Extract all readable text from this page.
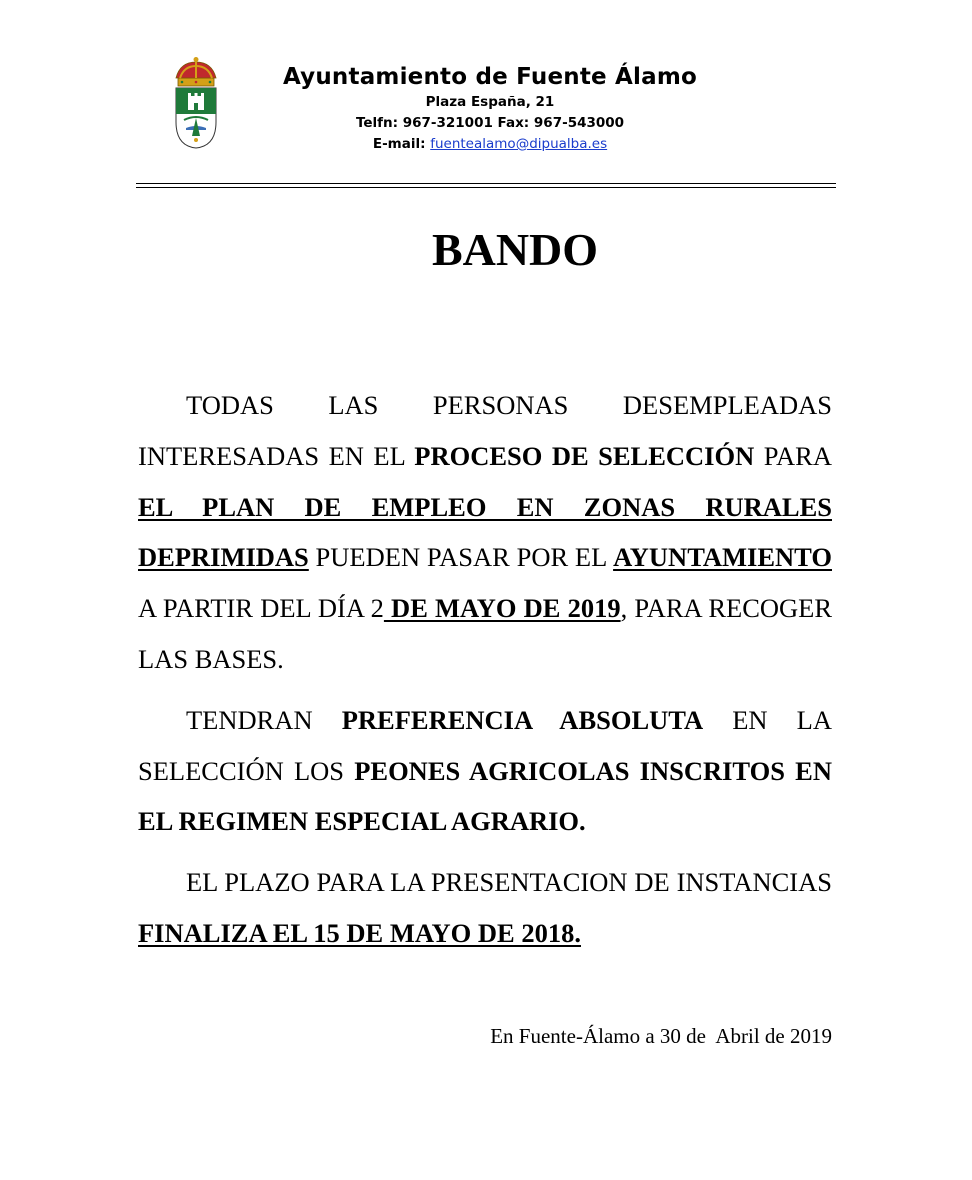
Ayuntamiento de Fuente Álamo
Plaza España, 21
Telfn: 967-321001 Fax: 967-543000
E-mail: fuentealamo@dipualba.es
BANDO

TODAS LAS PERSONAS DESEMPLEADAS INTERESADAS EN EL PROCESO DE SELECCIÓN PARA EL PLAN DE EMPLEO EN ZONAS RURALES DEPRIMIDAS PUEDEN PASAR POR EL AYUNTAMIENTO A PARTIR DEL DÍA 2 DE MAYO DE 2019, PARA RECOGER LAS BASES.

TENDRAN PREFERENCIA ABSOLUTA EN LA SELECCIÓN LOS PEONES AGRICOLAS INSCRITOS EN EL REGIMEN ESPECIAL AGRARIO.

EL PLAZO PARA LA PRESENTACION DE INSTANCIAS FINALIZA EL 15 DE MAYO DE 2018.

En Fuente-Álamo a 30 de  Abril de 2019
